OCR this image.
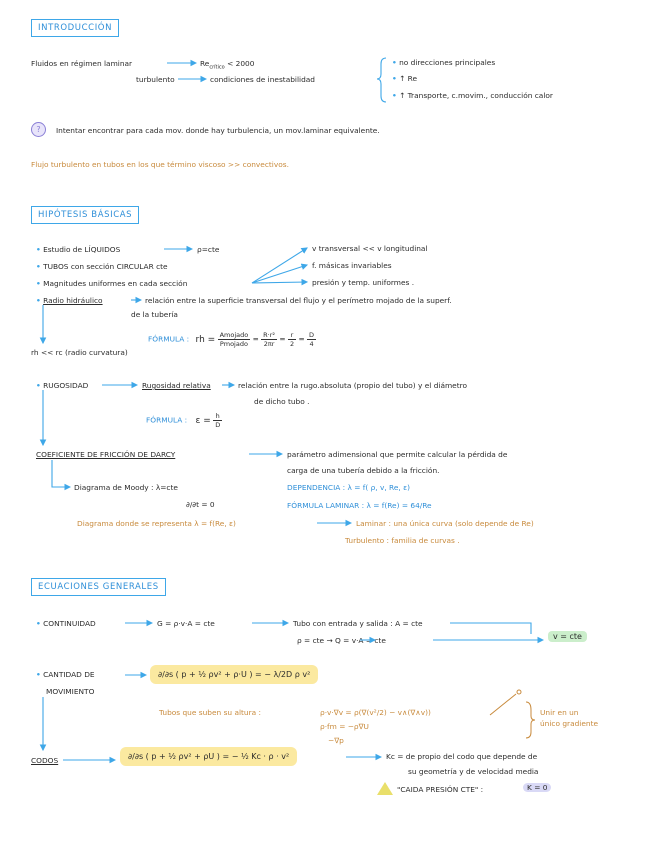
INTRODUCCIÓN
Fluidos en régimen laminar	$Re_{crítico} < 2000$
turbulento	condiciones de inestabilidad
• no direcciones principales
• ↑ Re
• ↑ Transporte, c.movim., conducción calor
?	Intentar encontrar para cada mov. donde hay turbulencia, un mov.laminar equivalente.
Flujo turbulento en tubos en los que término viscoso >> convectivos.
HIPÓTESIS BÁSICAS
• Estudio de LÍQUIDOS	ρ=cte
• TUBOS con sección CIRCULAR cte
• Magnitudes uniformes en cada sección
v transversal << v longitudinal
f. másicas invariables
presión y temp. uniformes .
• Radio hidráulico	relación entre la superficie transversal del flujo y el perímetro mojado de la superf.
de la tubería
FÓRMULA : rh = $\frac{\text{Amojado}}{\text{Pmojado}} = \frac{\text{R·r²}}{2\pi r} = \frac{r}{2} = \frac{D}{4}$
rh << rc (radio curvatura)
• RUGOSIDAD	Rugosidad relativa	relación entre la rugo.absoluta (propio del tubo) y el diámetro
de dicho tubo .
FÓRMULA : $\varepsilon = \frac{h}{D}$
COEFICIENTE DE FRICCIÓN DE DARCY	parámetro adimensional que permite calcular la pérdida de
carga de una tubería debido a la fricción.
DEPENDENCIA : λ = f( ρ, v, Re, ε)
FÓRMULA LAMINAR : λ = f(Re) = 64/Re
Diagrama de Moody : λ=cte
∂/∂t = 0
Diagrama donde se representa λ = f(Re, ε)	Laminar : una única curva (solo depende de Re)
Turbulento : familia de curvas .
ECUACIONES GENERALES
• CONTINUIDAD	G = ρ·v·A = cte	Tubo con entrada y salida : A = cte
ρ = cte → Q = v·A = cte	v = cte
• CANTIDAD DE
MOVIMIENTO
∂/∂s ( p + ½ ρv² + ρ·U ) = − λ/2D ρ v²
Tubos que suben su altura :	ρ·v·∇v = ρ(∇(v²/2) − v∧(∇∧v))
ρ·fm = −ρ∇U
−∇p
Unir en un
único gradiente
CODOS	∂/∂s ( p + ½ ρv² + ρU ) = − ½ Kc · ρ · v²	Kc = de propio del codo que depende de
su geometría y de velocidad media
"CAIDA PRESIÓN CTE" :	K = 0
